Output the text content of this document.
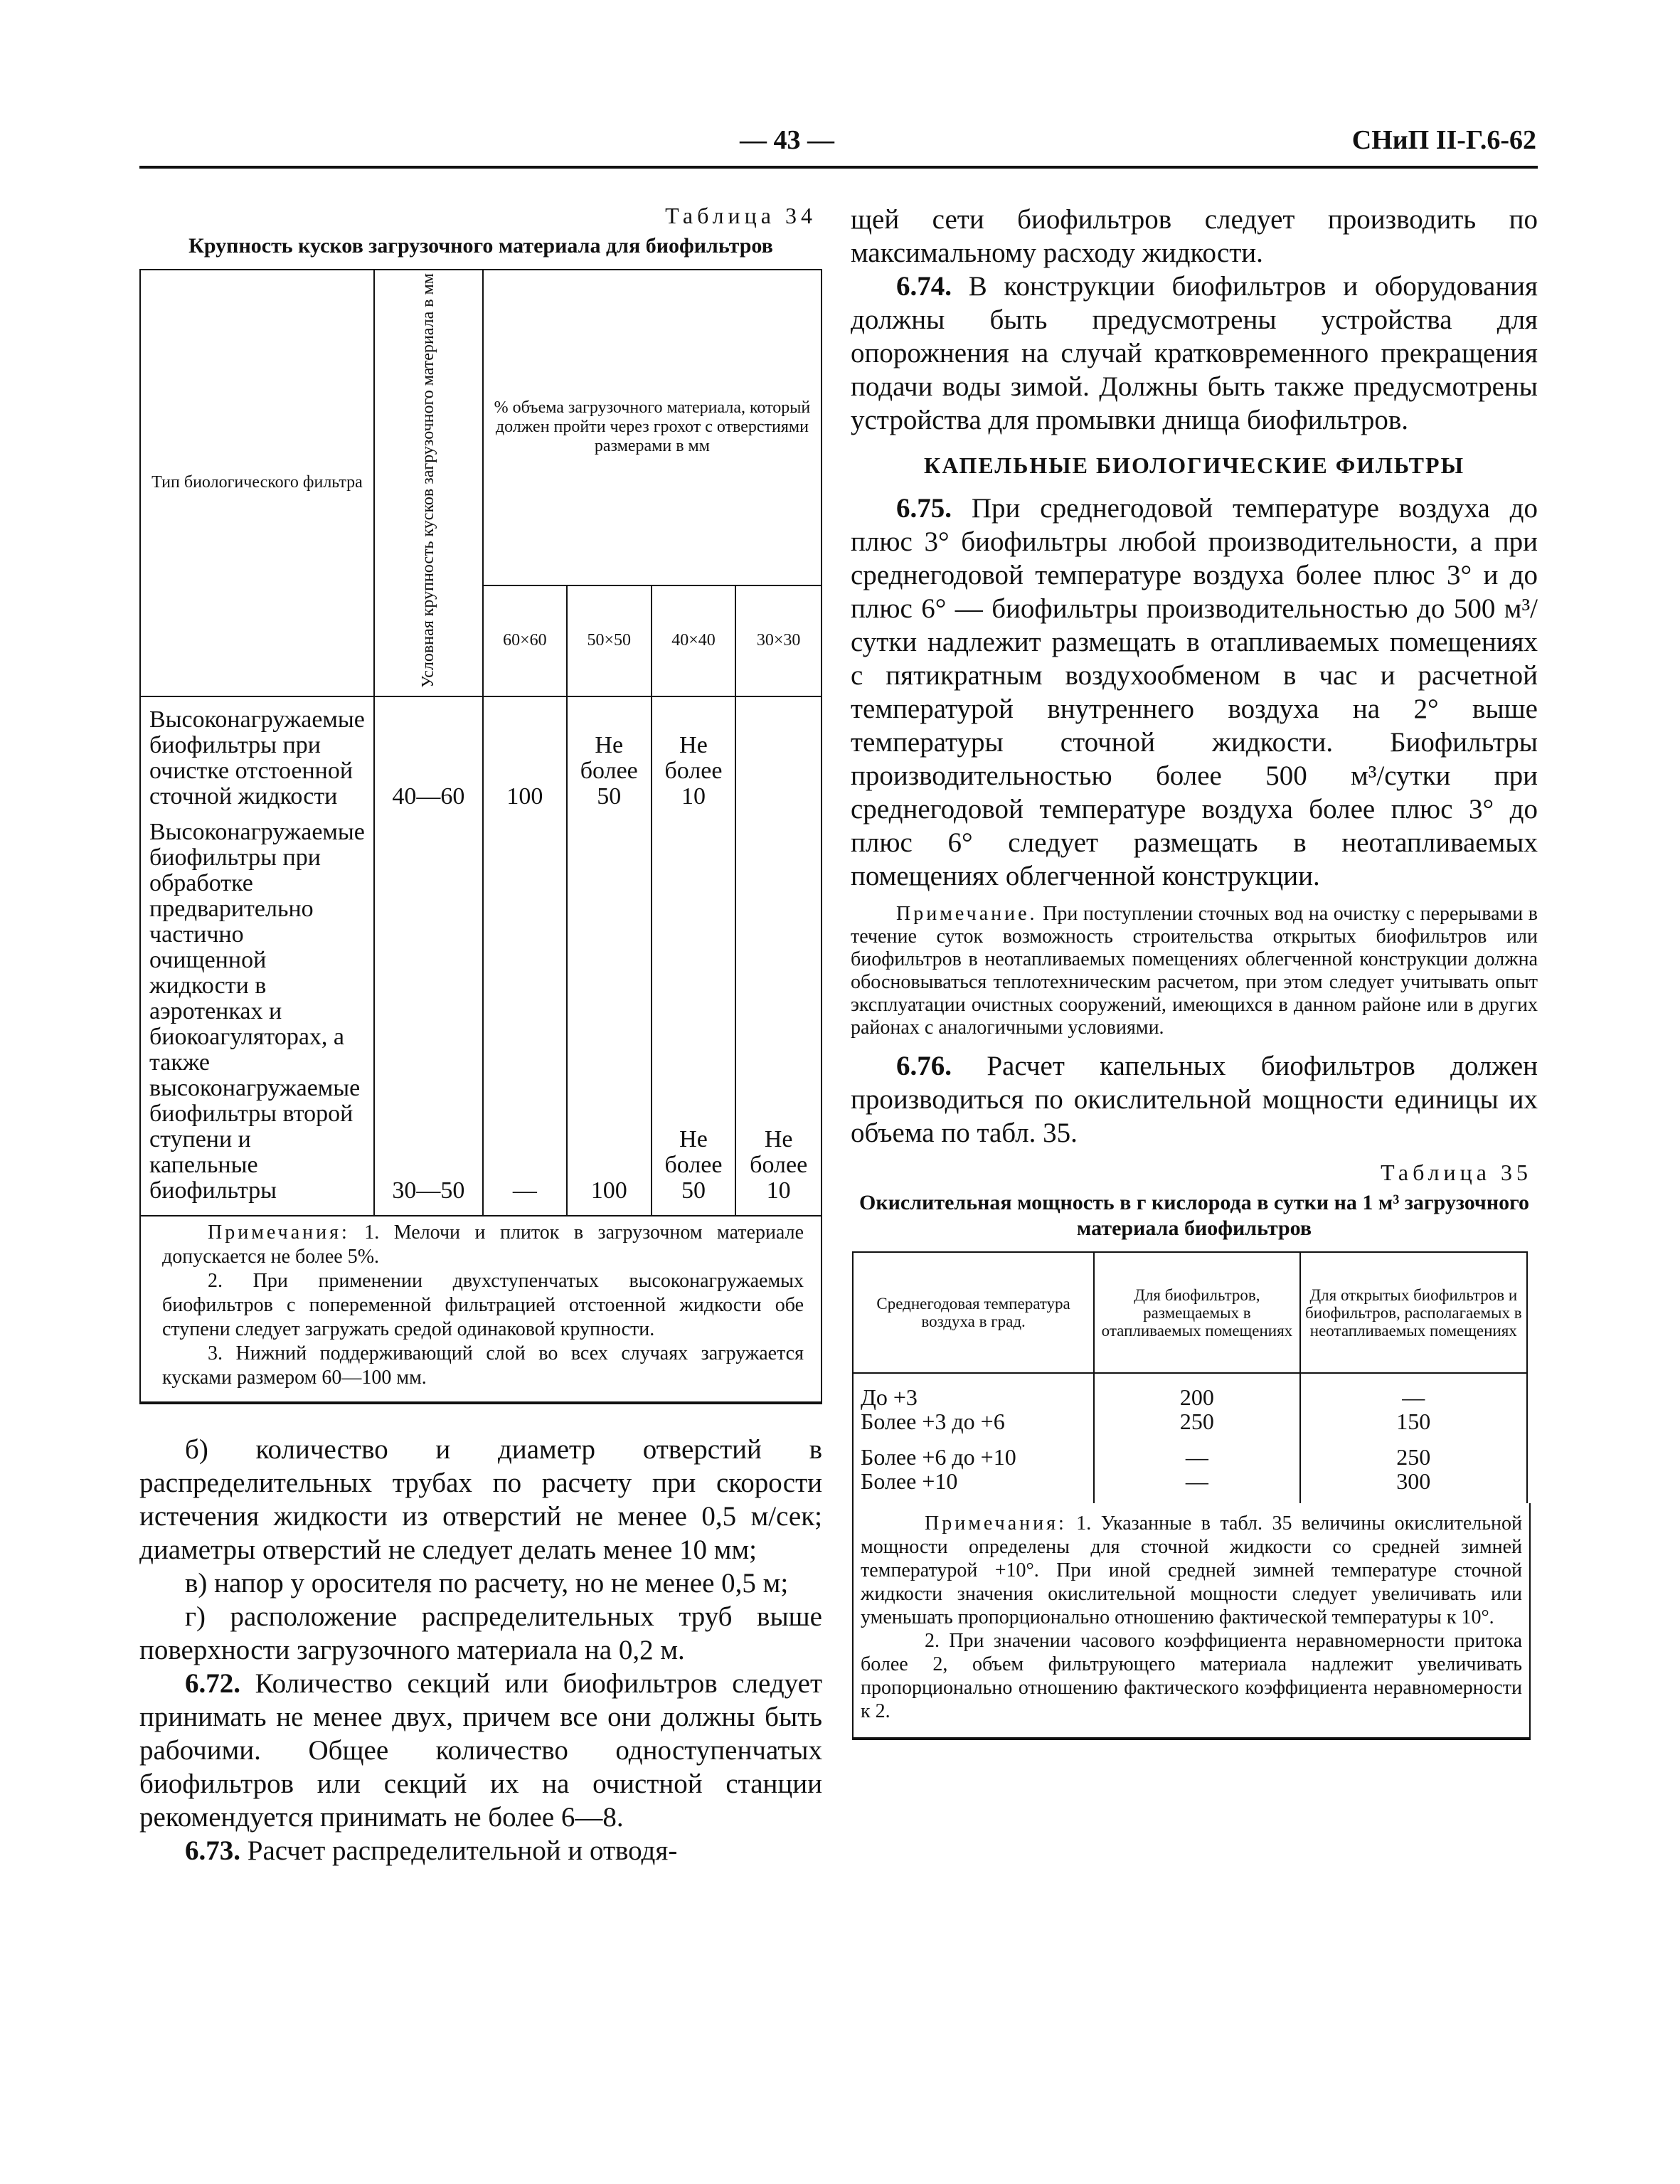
— 43 —	СНиП II-Г.6-62
Таблица 34
Крупность кусков загрузочного материала для биофильтров
Тип биологического фильтра	Условная крупность кусков загрузочного материала в мм	% объема загрузочного материала, который должен пройти через грохот с отверстиями размерами в мм			
		60×60	50×50	40×40	30×30

Высоконагружаемые биофильтры при очистке отстоенной сточной жидкости	40—60	100	Не более 50	Не более 10	

Высоконагружаемые биофильтры при обработке предварительно частично очищенной жидкости в аэротенках и биокоагуляторах, а также высоконагружаемые биофильтры второй ступени и капельные биофильтры	30—50	—	100	Не более 50	Не более 10

Примечания: 1. Мелочи и плиток в загрузочном материале допускается не более 5%.

2. При применении двухступенчатых высоконагружаемых биофильтров с попеременной фильтрацией отстоенной жидкости обе ступени следует загружать средой одинаковой крупности.

3. Нижний поддерживающий слой во всех случаях загружается кусками размером 60—100 мм.

б) количество и диаметр отверстий в распределительных трубах по расчету при скорости истечения жидкости из отверстий не менее 0,5 м/сек; диаметры отверстий не следует делать менее 10 мм;

в) напор у оросителя по расчету, но не менее 0,5 м;

г) расположение распределительных труб выше поверхности загрузочного материала на 0,2 м.

6.72. Количество секций или биофильтров следует принимать не менее двух, причем все они должны быть рабочими. Общее количество одноступенчатых биофильтров или секций их на очистной станции рекомендуется принимать не более 6—8.

6.73. Расчет распределительной и отводя-

щей сети биофильтров следует производить по максимальному расходу жидкости.

6.74. В конструкции биофильтров и оборудования должны быть предусмотрены устройства для опорожнения на случай кратковременного прекращения подачи воды зимой. Должны быть также предусмотрены устройства для промывки днища биофильтров.

КАПЕЛЬНЫЕ БИОЛОГИЧЕСКИЕ ФИЛЬТРЫ

6.75. При среднегодовой температуре воздуха до плюс 3° биофильтры любой производительности, а при среднегодовой температуре воздуха более плюс 3° и до плюс 6° — биофильтры производительностью до 500 м³/сутки надлежит размещать в отапливаемых помещениях с пятикратным воздухообменом в час и расчетной температурой внутреннего воздуха на 2° выше температуры сточной жидкости. Биофильтры производительностью более 500 м³/сутки при среднегодовой температуре воздуха более плюс 3° до плюс 6° следует размещать в неотапливаемых помещениях облегченной конструкции.

Примечание. При поступлении сточных вод на очистку с перерывами в течение суток возможность строительства открытых биофильтров или биофильтров в неотапливаемых помещениях облегченной конструкции должна обосновываться теплотехническим расчетом, при этом следует учитывать опыт эксплуатации очистных сооружений, имеющихся в данном районе или в других районах с аналогичными условиями.

6.76. Расчет капельных биофильтров должен производиться по окислительной мощности единицы их объема по табл. 35.

Таблица 35
Окислительная мощность в г кислорода в сутки на 1 м³ загрузочного материала биофильтров
Среднегодовая температура воздуха в град.	Для биофильтров, размещаемых в отапливаемых помещениях	Для открытых биофильтров и биофильтров, располагаемых в неотапливаемых помещениях

До +3	200	—
Более +3 до +6	250	150

Более +6 до +10	—	250
Более +10	—	300

Примечания: 1. Указанные в табл. 35 величины окислительной мощности определены для сточной жидкости со средней зимней температурой +10°. При иной средней зимней температуре сточной жидкости значения окислительной мощности следует увеличивать или уменьшать пропорционально отношению фактической температуры к 10°.

2. При значении часового коэффициента неравномерности притока более 2, объем фильтрующего материала надлежит увеличивать пропорционально отношению фактического коэффициента неравномерности к 2.
